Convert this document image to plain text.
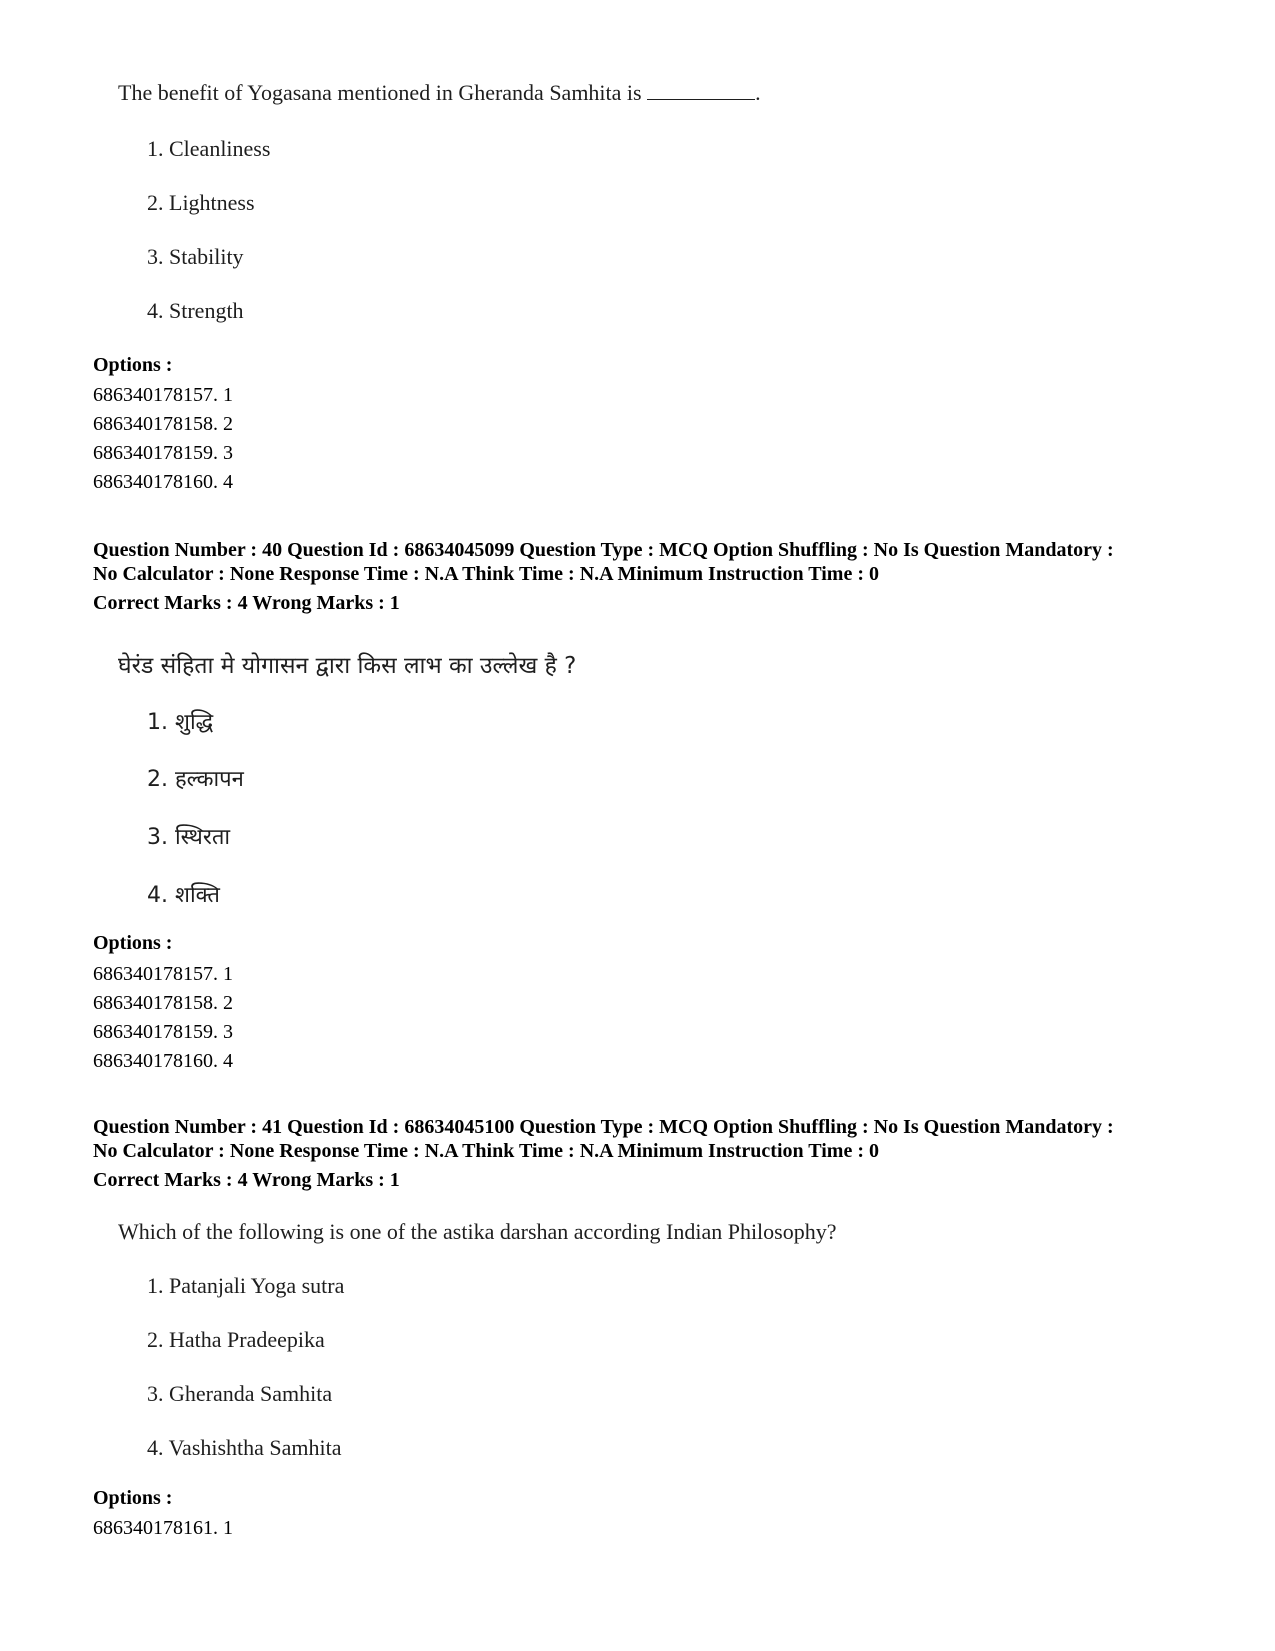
The benefit of Yogasana mentioned in Gheranda Samhita is	.
1. Cleanliness
2. Lightness
3. Stability
4. Strength
Options :
686340178157. 1
686340178158. 2
686340178159. 3
686340178160. 4
Question Number : 40 Question Id : 68634045099 Question Type : MCQ Option Shuffling : No Is Question Mandatory :
No Calculator : None Response Time : N.A Think Time : N.A Minimum Instruction Time : 0
Correct Marks : 4 Wrong Marks : 1
घेरंड संहिता मे योगासन द्वारा किस लाभ का उल्लेख है ?
1. शुद्धि
2. हल्कापन
3. स्थिरता
4. शक्ति
Options :
686340178157. 1
686340178158. 2
686340178159. 3
686340178160. 4
Question Number : 41 Question Id : 68634045100 Question Type : MCQ Option Shuffling : No Is Question Mandatory :
No Calculator : None Response Time : N.A Think Time : N.A Minimum Instruction Time : 0
Correct Marks : 4 Wrong Marks : 1
Which of the following is one of the astika darshan according Indian Philosophy?
1. Patanjali Yoga sutra
2. Hatha Pradeepika
3. Gheranda Samhita
4. Vashishtha Samhita
Options :
686340178161. 1
